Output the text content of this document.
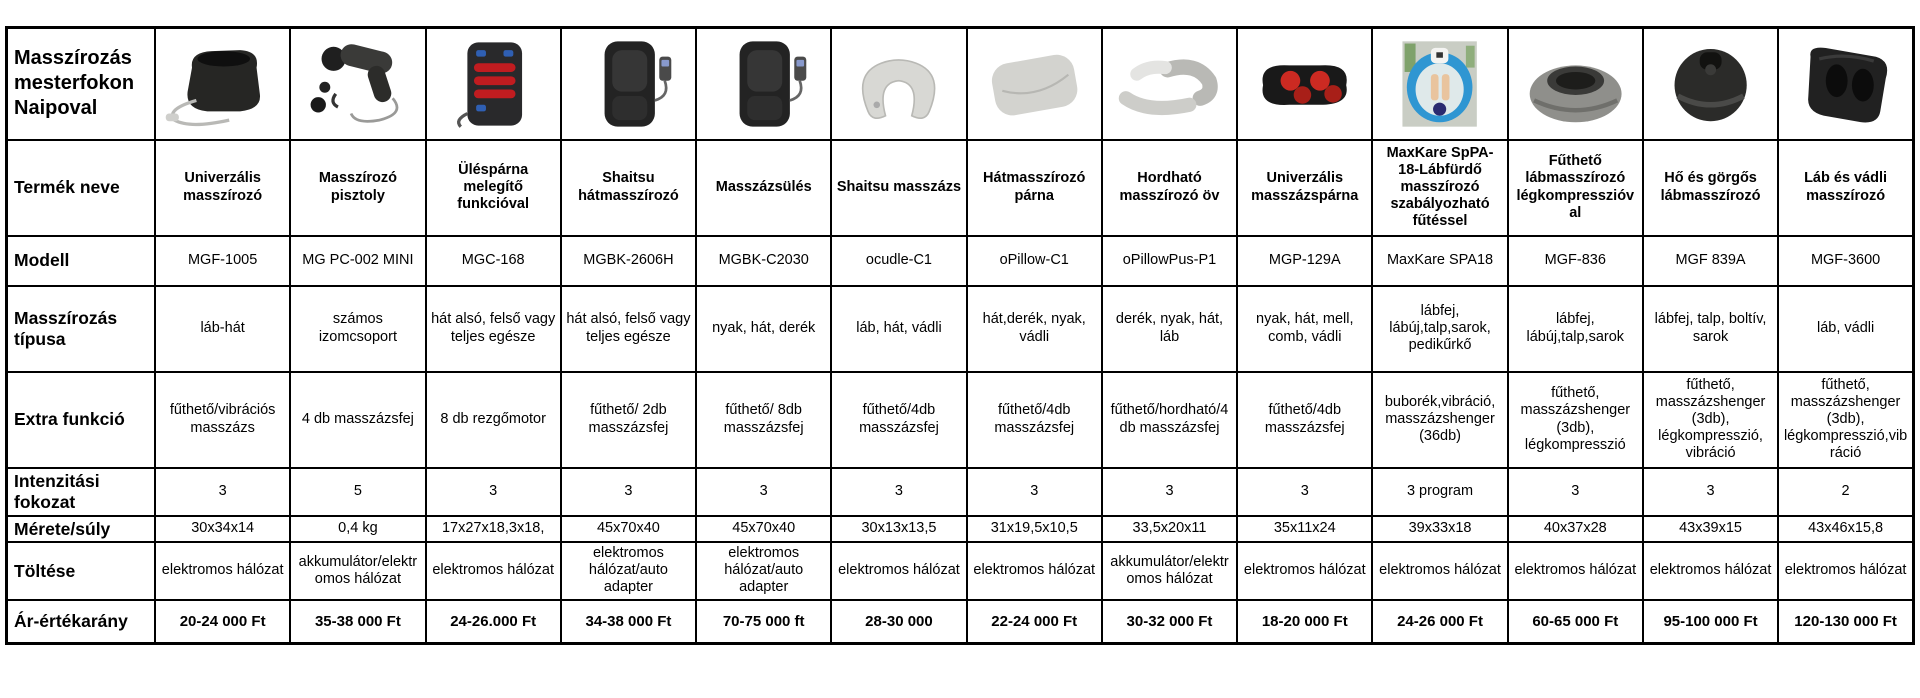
Masszírozás mesterfokon Naipoval	

Termék neve	Univerzális masszírozó	Masszírozó pisztoly	Üléspárna melegítő funkcióval	Shaitsu hátmasszírozó	Masszázsülés	Shaitsu masszázs	Hátmasszírozó párna	Hordható masszírozó öv	Univerzális masszázspárna	MaxKare SpPA-18-Lábfürdő masszírozó szabályozható fűtéssel	Fűthető lábmasszírozó légkompresszióval	Hő és görgős lábmasszírozó	Láb és vádli masszírozó
Modell	MGF-1005	MG PC-002 MINI	MGC-168	MGBK-2606H	MGBK-C2030	ocudle-C1	oPillow-C1	oPillowPus-P1	MGP-129A	MaxKare SPA18	MGF-836	MGF 839A	MGF-3600
Masszírozás típusa	láb-hát	számos izomcsoport	hát alsó, felső vagy teljes egésze	hát alsó, felső vagy teljes egésze	nyak, hát, derék	láb, hát, vádli	hát,derék, nyak, vádli	derék, nyak, hát, láb	nyak, hát, mell, comb, vádli	lábfej, lábúj,talp,sarok, pedikűrkő	lábfej, lábúj,talp,sarok	lábfej, talp, boltív, sarok	láb, vádli
Extra funkció	fűthető/vibrációs masszázs	4 db masszázsfej	8 db rezgőmotor	fűthető/ 2db masszázsfej	fűthető/ 8db masszázsfej	fűthető/4db masszázsfej	fűthető/4db masszázsfej	fűthető/hordható/4db masszázsfej	fűthető/4db masszázsfej	buborék,vibráció, masszázshenger (36db)	fűthető, masszázshenger (3db), légkompresszió	fűthető, masszázshenger (3db), légkompresszió, vibráció	fűthető, masszázshenger (3db), légkompresszió,vibráció
Intenzitási fokozat	3	5	3	3	3	3	3	3	3	3 program	3	3	2
Mérete/súly	30x34x14	0,4 kg	17x27x18,3x18,	45x70x40	45x70x40	30x13x13,5	31x19,5x10,5	33,5x20x11	35x11x24	39x33x18	40x37x28	43x39x15	43x46x15,8
Töltése	elektromos hálózat	akkumulátor/elektromos hálózat	elektromos hálózat	elektromos hálózat/auto adapter	elektromos hálózat/auto adapter	elektromos hálózat	elektromos hálózat	akkumulátor/elektromos hálózat	elektromos hálózat	elektromos hálózat	elektromos hálózat	elektromos hálózat	elektromos hálózat
Ár-értékarány	20-24 000 Ft	35-38 000 Ft	24-26.000 Ft	34-38 000 Ft	70-75 000 ft	28-30 000	22-24 000 Ft	30-32 000 Ft	18-20 000 Ft	24-26 000 Ft	60-65 000 Ft	95-100 000 Ft	120-130 000 Ft
